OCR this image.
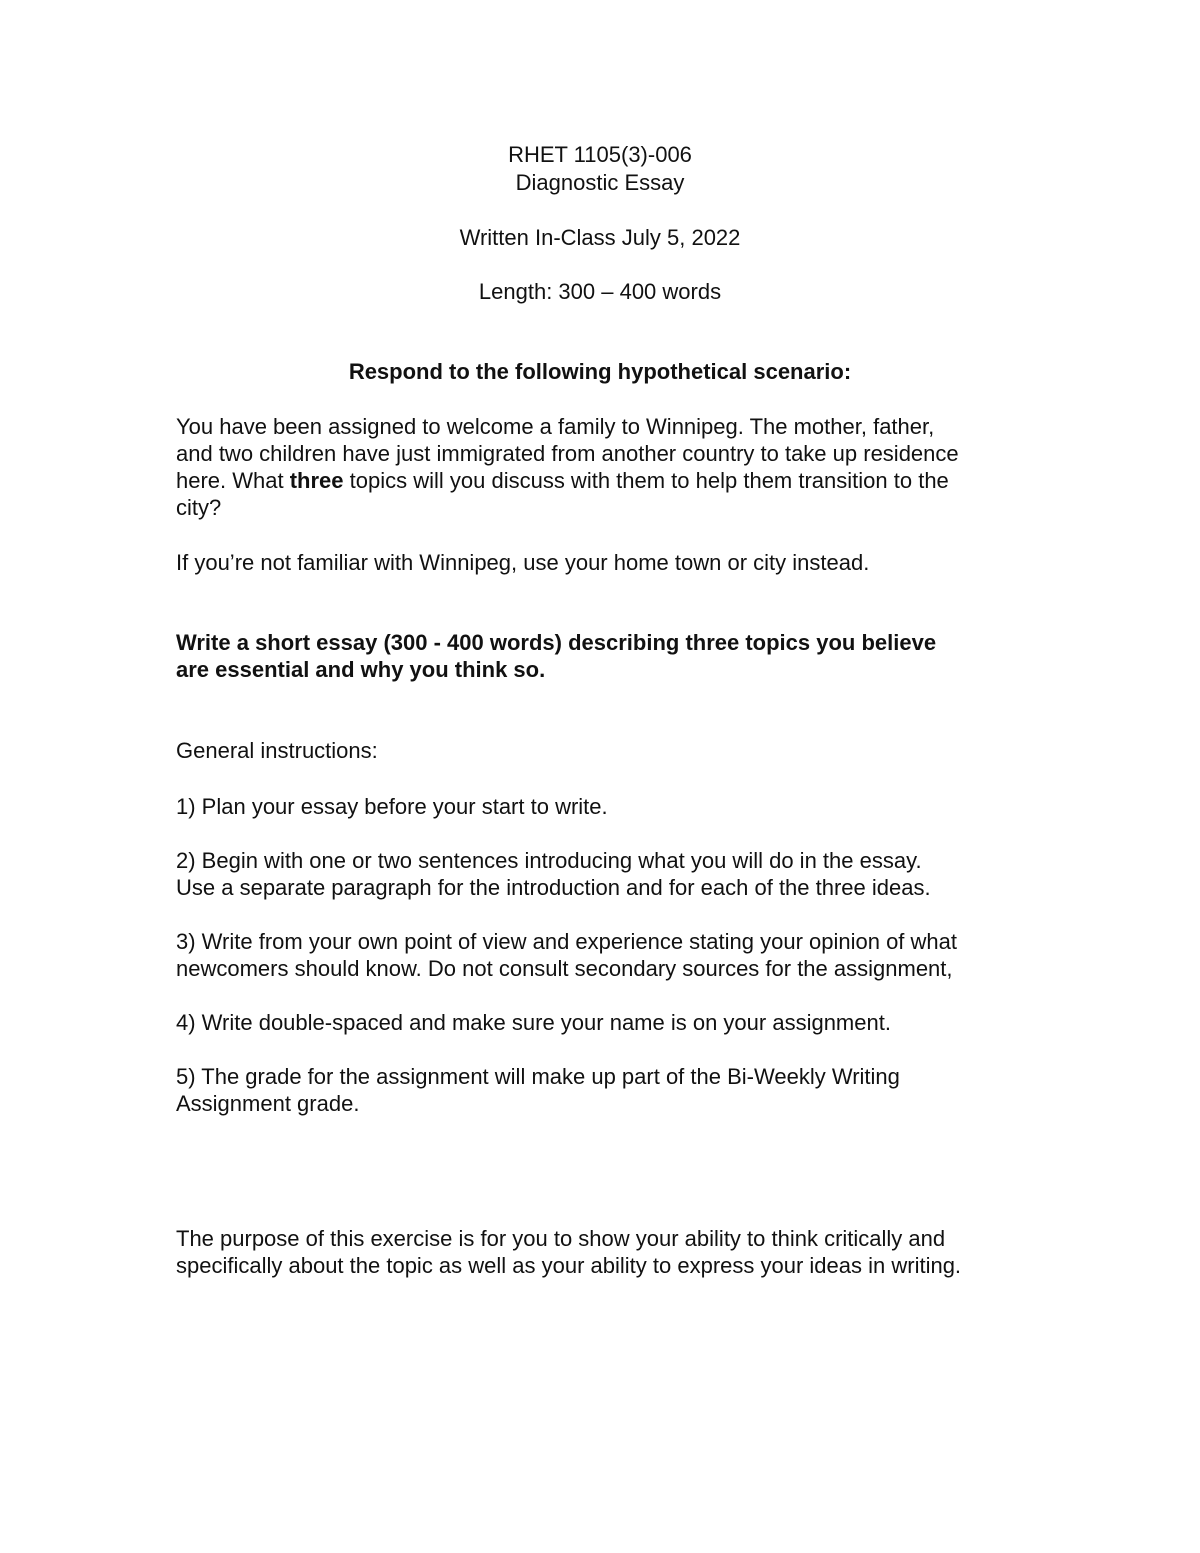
RHET 1105(3)-006
Diagnostic Essay
Written In-Class July 5, 2022
Length: 300 – 400 words
Respond to the following hypothetical scenario:
You have been assigned to welcome a family to Winnipeg. The mother, father,
and two children have just immigrated from another country to take up residence
here. What three topics will you discuss with them to help them transition to the
city?
If you’re not familiar with Winnipeg, use your home town or city instead.
Write a short essay (300 - 400 words) describing three topics you believe
are essential and why you think so.
General instructions:
1) Plan your essay before your start to write.
2) Begin with one or two sentences introducing what you will do in the essay.
Use a separate paragraph for the introduction and for each of the three ideas.
3) Write from your own point of view and experience stating your opinion of what
newcomers should know. Do not consult secondary sources for the assignment,
4) Write double-spaced and make sure your name is on your assignment.
5) The grade for the assignment will make up part of the Bi-Weekly Writing
Assignment grade.
The purpose of this exercise is for you to show your ability to think critically and
specifically about the topic as well as your ability to express your ideas in writing.
